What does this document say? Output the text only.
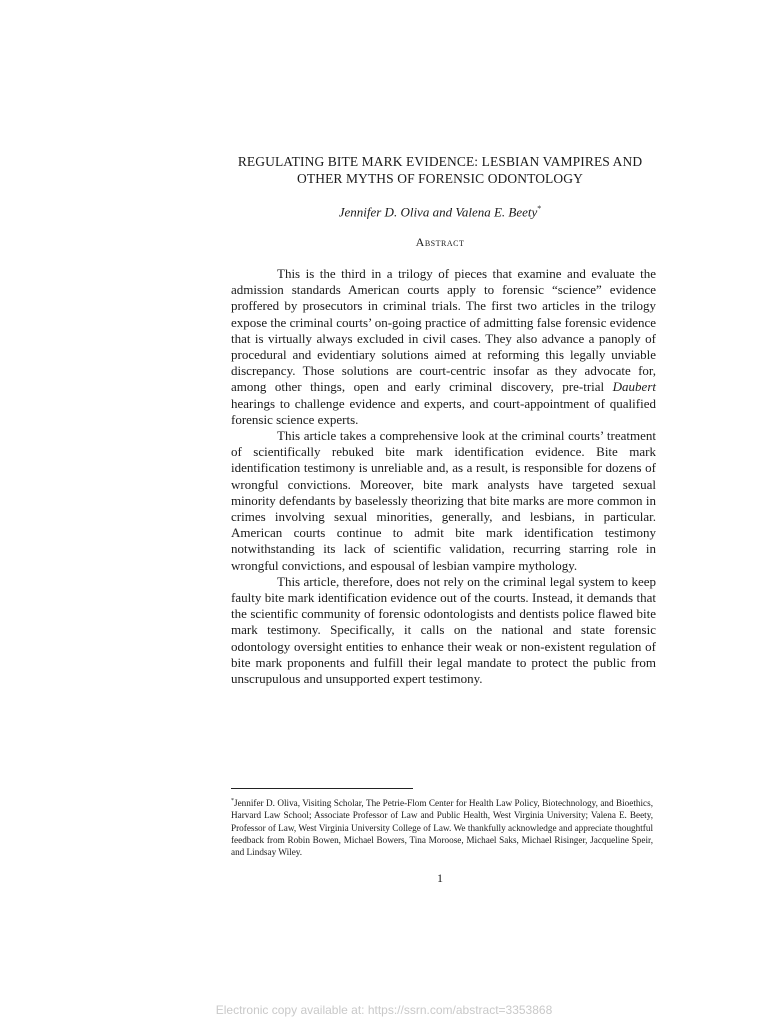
REGULATING BITE MARK EVIDENCE: LESBIAN VAMPIRES AND
OTHER MYTHS OF FORENSIC ODONTOLOGY
Jennifer D. Oliva and Valena E. Beety*
Abstract

This is the third in a trilogy of pieces that examine and evaluate the admission standards American courts apply to forensic “science” evidence proffered by prosecutors in criminal trials. The first two articles in the trilogy expose the criminal courts’ on-going practice of admitting false forensic evidence that is virtually always excluded in civil cases. They also advance a panoply of procedural and evidentiary solutions aimed at reforming this legally unviable discrepancy. Those solutions are court-centric insofar as they advocate for, among other things, open and early criminal discovery, pre-trial Daubert hearings to challenge evidence and experts, and court-appointment of qualified forensic science experts.

This article takes a comprehensive look at the criminal courts’ treatment of scientifically rebuked bite mark identification evidence. Bite mark identification testimony is unreliable and, as a result, is responsible for dozens of wrongful convictions. Moreover, bite mark analysts have targeted sexual minority defendants by baselessly theorizing that bite marks are more common in crimes involving sexual minorities, generally, and lesbians, in particular. American courts continue to admit bite mark identification testimony notwithstanding its lack of scientific validation, recurring starring role in wrongful convictions, and espousal of lesbian vampire mythology.

This article, therefore, does not rely on the criminal legal system to keep faulty bite mark identification evidence out of the courts. Instead, it demands that the scientific community of forensic odontologists and dentists police flawed bite mark testimony. Specifically, it calls on the national and state forensic odontology oversight entities to enhance their weak or non-existent regulation of bite mark proponents and fulfill their legal mandate to protect the public from unscrupulous and unsupported expert testimony.

*Jennifer D. Oliva, Visiting Scholar, The Petrie-Flom Center for Health Law Policy, Biotechnology, and Bioethics, Harvard Law School; Associate Professor of Law and Public Health, West Virginia University; Valena E. Beety, Professor of Law, West Virginia University College of Law. We thankfully acknowledge and appreciate thoughtful feedback from Robin Bowen, Michael Bowers, Tina Moroose, Michael Saks, Michael Risinger, Jacqueline Speir, and Lindsay Wiley.
1
Electronic copy available at: https://ssrn.com/abstract=3353868
